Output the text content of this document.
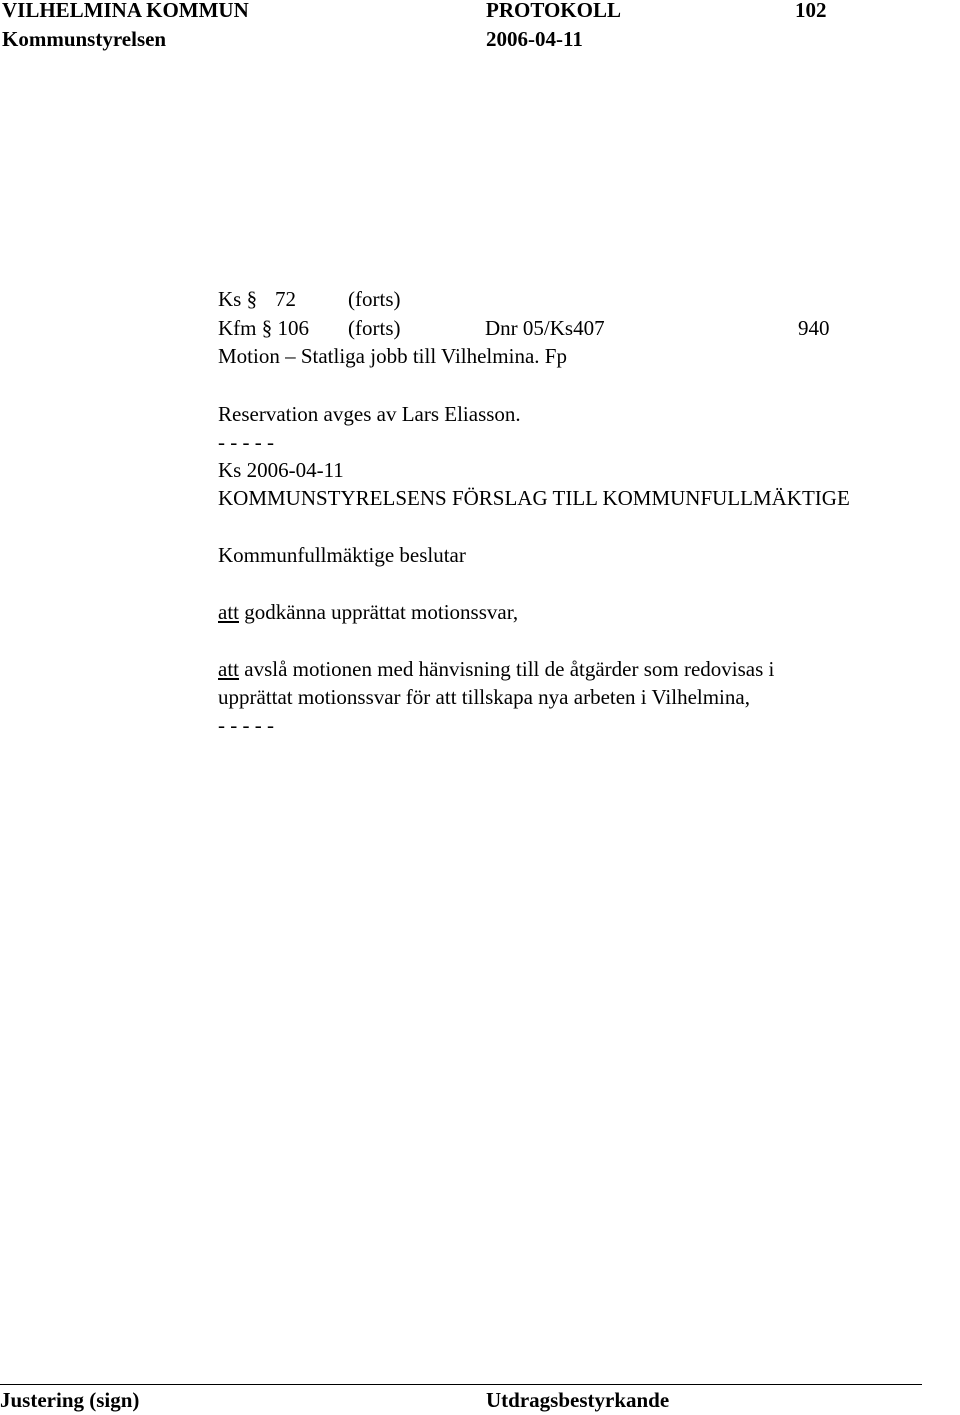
VILHELMINA KOMMUN
Kommunstyrelsen
PROTOKOLL
2006-04-11
102
Ks § 72 (forts)
Kfm § 106 (forts)	Dnr 05/Ks407	940
Motion – Statliga jobb till Vilhelmina. Fp
Reservation avges av Lars Eliasson.
- - - - -
Ks 2006-04-11
KOMMUNSTYRELSENS FÖRSLAG TILL KOMMUNFULLMÄKTIGE
Kommunfullmäktige beslutar
att godkänna upprättat motionssvar,
att avslå motionen med hänvisning till de åtgärder som redovisas i
upprättat motionssvar för att tillskapa nya arbeten i Vilhelmina,
- - - - -
Justering (sign)	Utdragsbestyrkande
